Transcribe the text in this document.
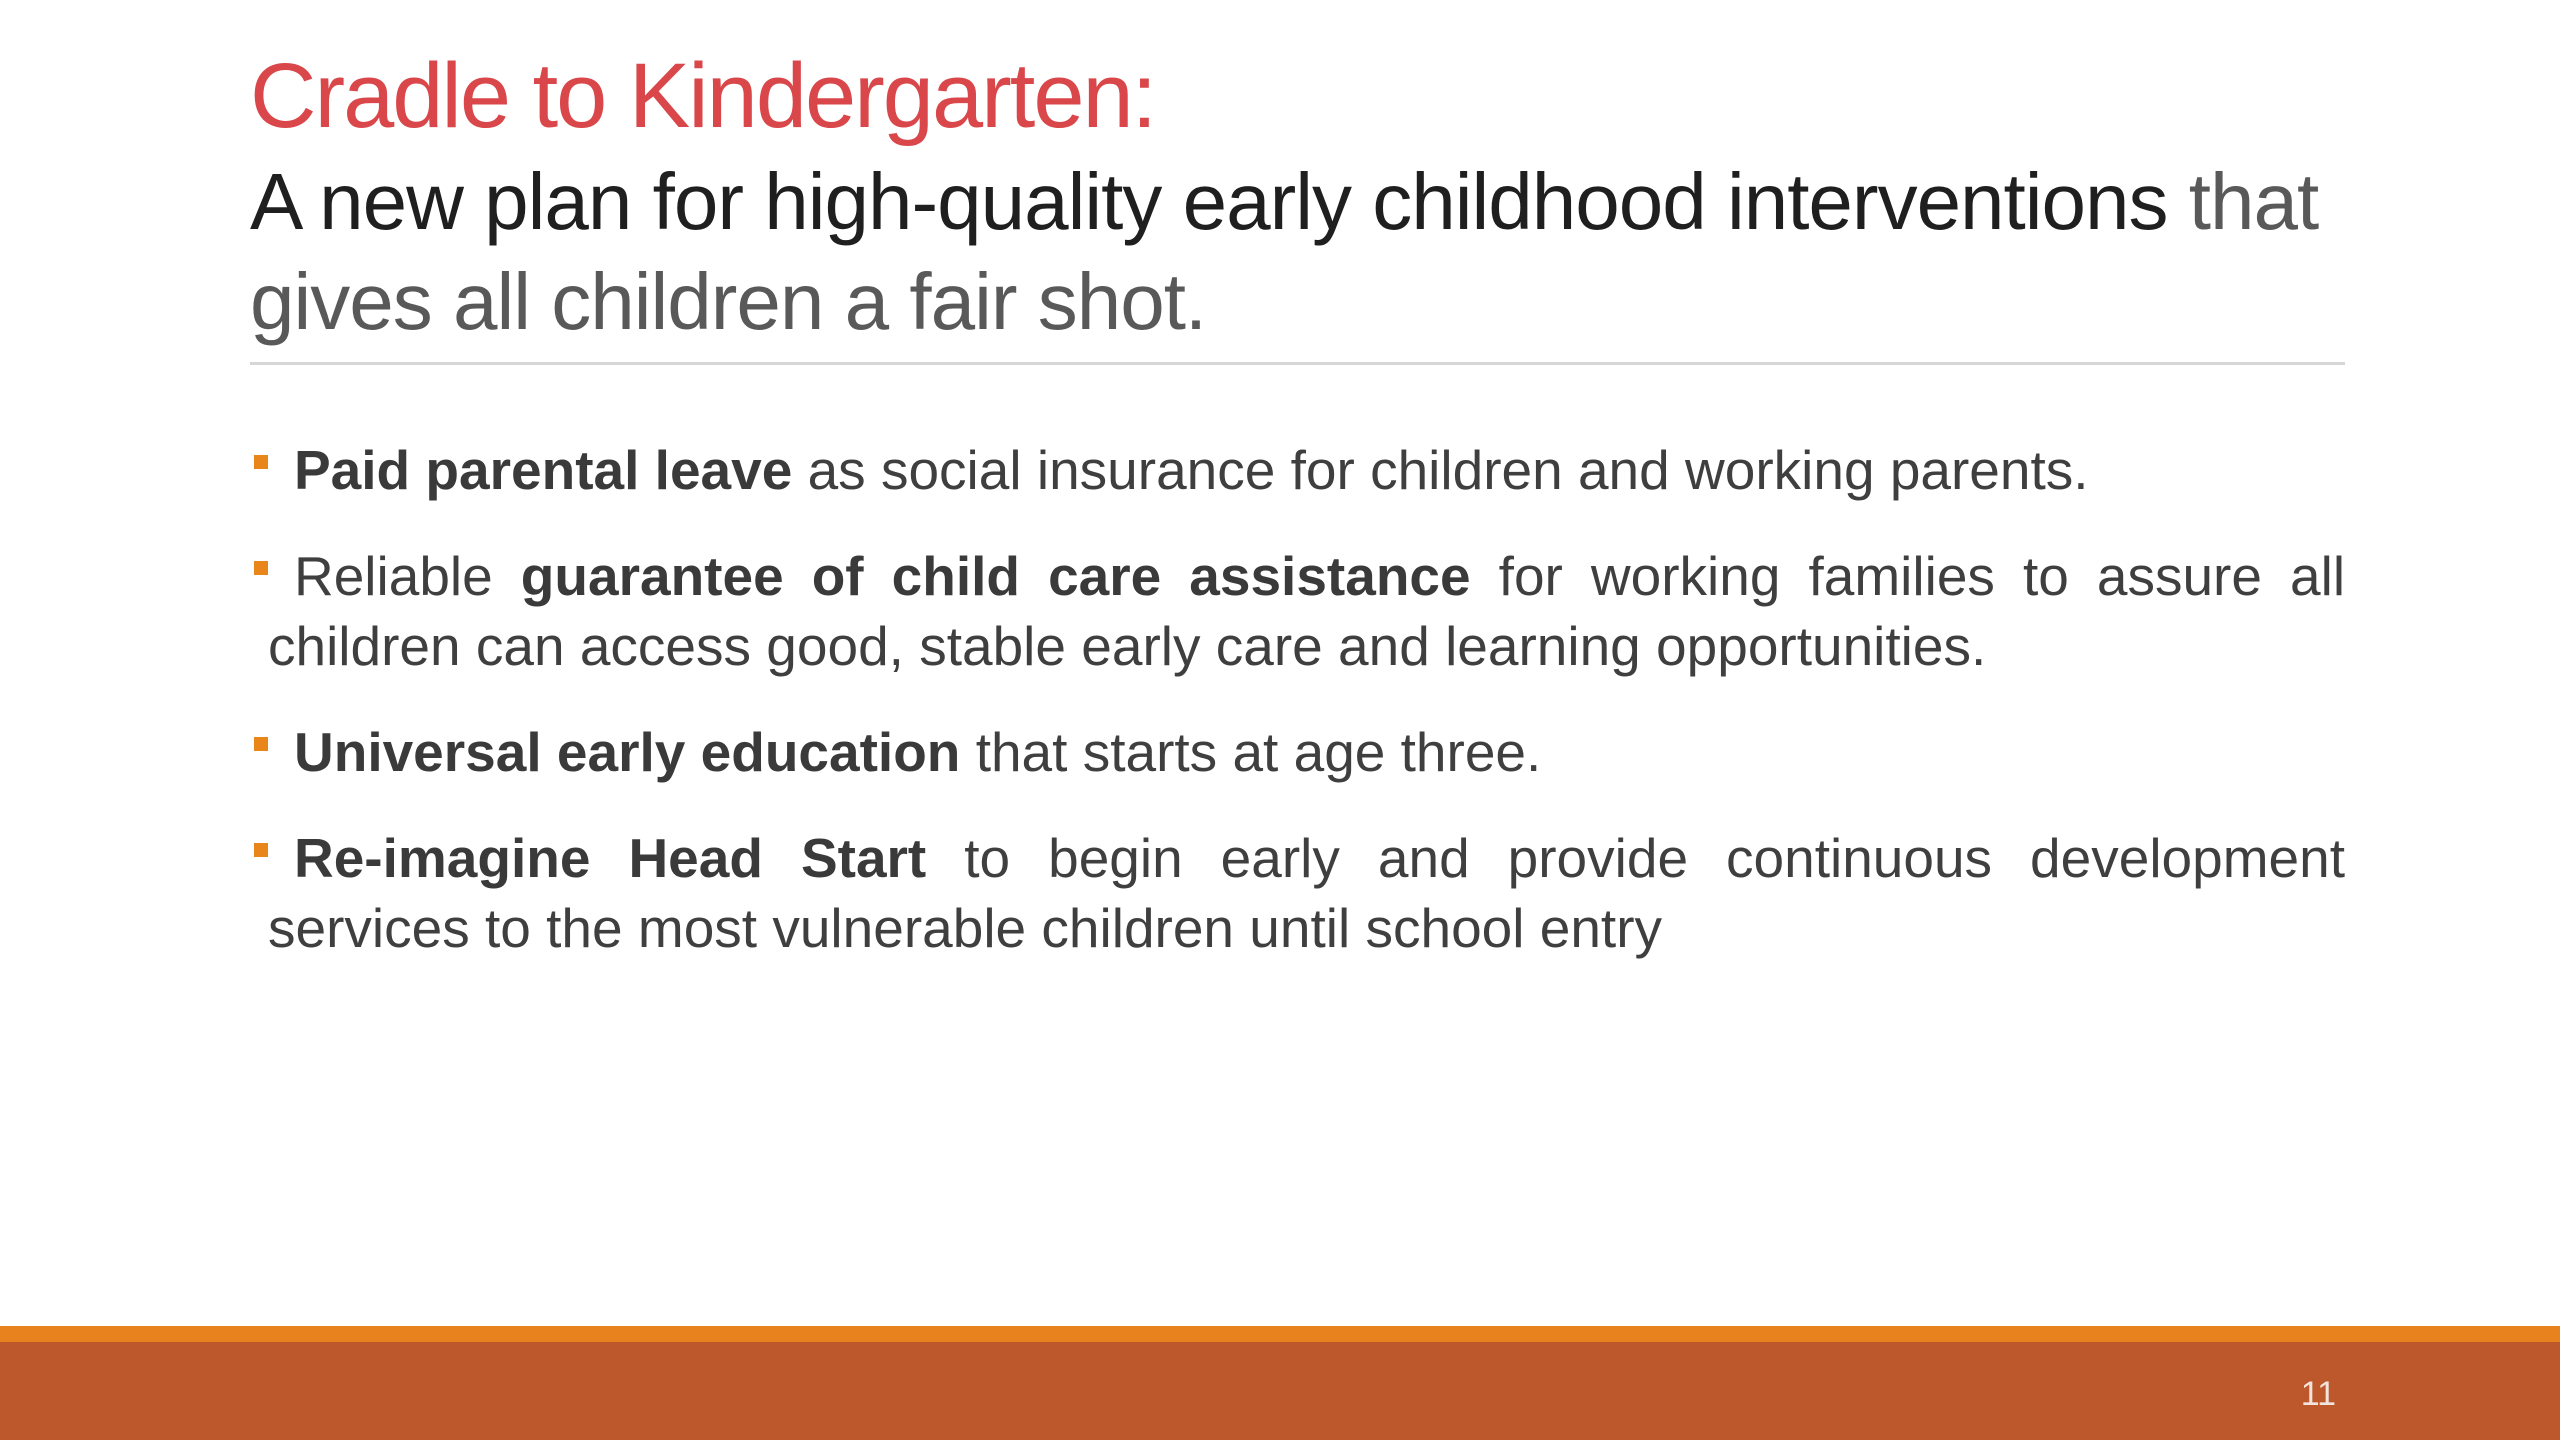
Cradle to Kindergarten:
A new plan for high-quality early childhood interventions that gives all children a fair shot.
Paid parental leave as social insurance for children and working parents.
Reliable guarantee of child care assistance for working families to assure all children can access good, stable early care and learning opportunities.
Universal early education that starts at age three.
Re-imagine Head Start to begin early and provide continuous development services to the most vulnerable children until school entry
11
